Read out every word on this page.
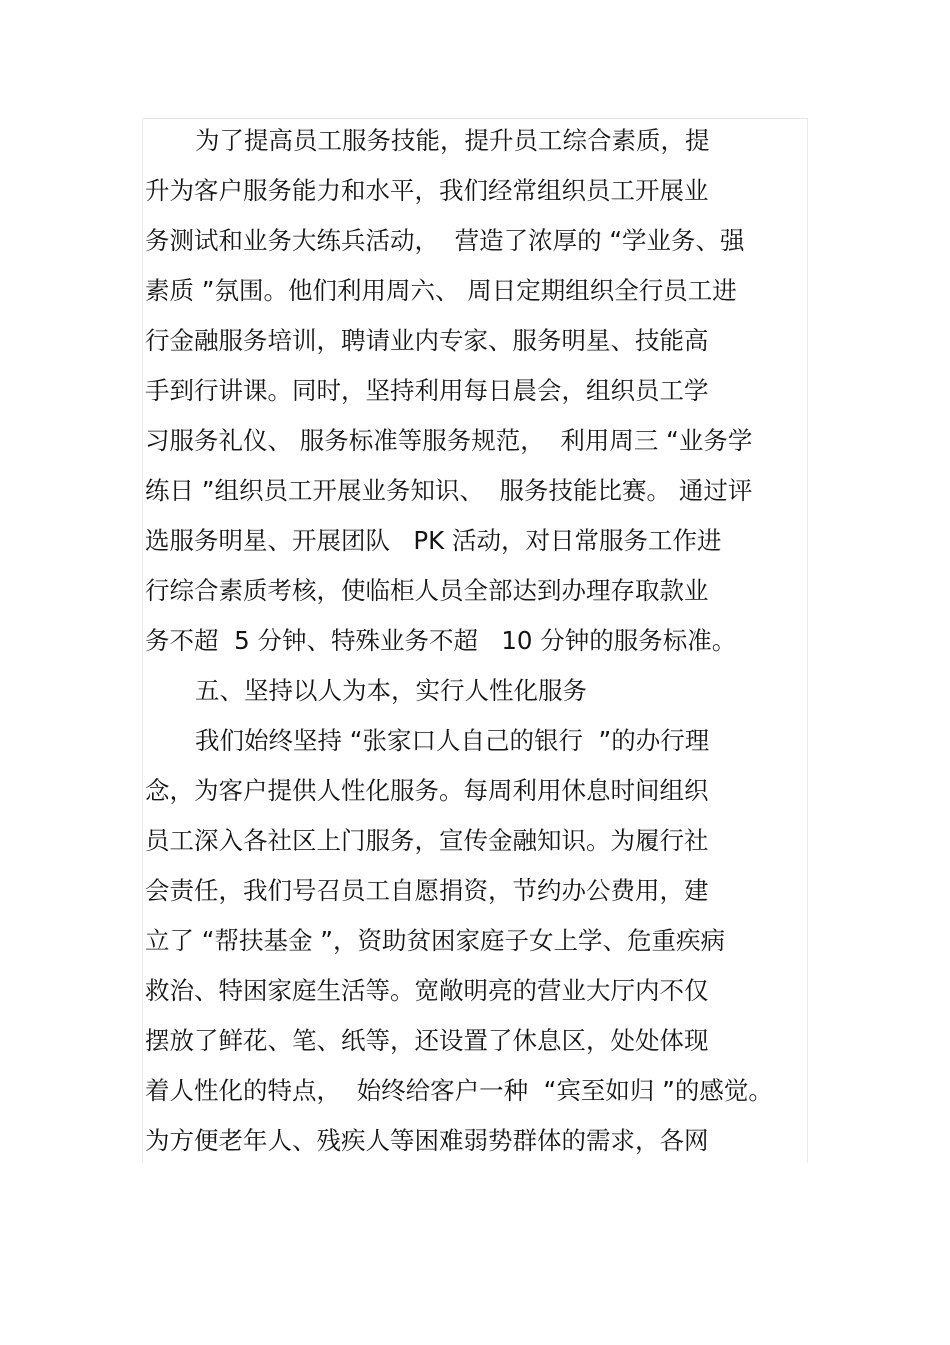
为了提高员工服务技能，提升员工综合素质，提
升为客户服务能力和水平，我们经常组织员工开展业
务测试和业务大练兵活动，  营造了浓厚的 “学业务、强
素质 ”氛围。他们利用周六、 周日定期组织全行员工进
行金融服务培训，聘请业内专家、服务明星、技能高
手到行讲课。同时，坚持利用每日晨会，组织员工学
习服务礼仪、 服务标准等服务规范，  利用周三 “业务学
练日 ”组织员工开展业务知识、  服务技能比赛。 通过评
选服务明星、开展团队   PK 活动，对日常服务工作进
行综合素质考核，使临柜人员全部达到办理存取款业
务不超  5 分钟、特殊业务不超   10 分钟的服务标准。
五、坚持以人为本，实行人性化服务
我们始终坚持 “张家口人自己的银行  ”的办行理
念，为客户提供人性化服务。每周利用休息时间组织
员工深入各社区上门服务，宣传金融知识。为履行社
会责任，我们号召员工自愿捐资，节约办公费用，建
立了 “帮扶基金 ”，资助贫困家庭子女上学、危重疾病
救治、特困家庭生活等。宽敞明亮的营业大厅内不仅
摆放了鲜花、笔、纸等，还设置了休息区，处处体现
着人性化的特点，  始终给客户一种  “宾至如归 ”的感觉。
为方便老年人、残疾人等困难弱势群体的需求，各网
